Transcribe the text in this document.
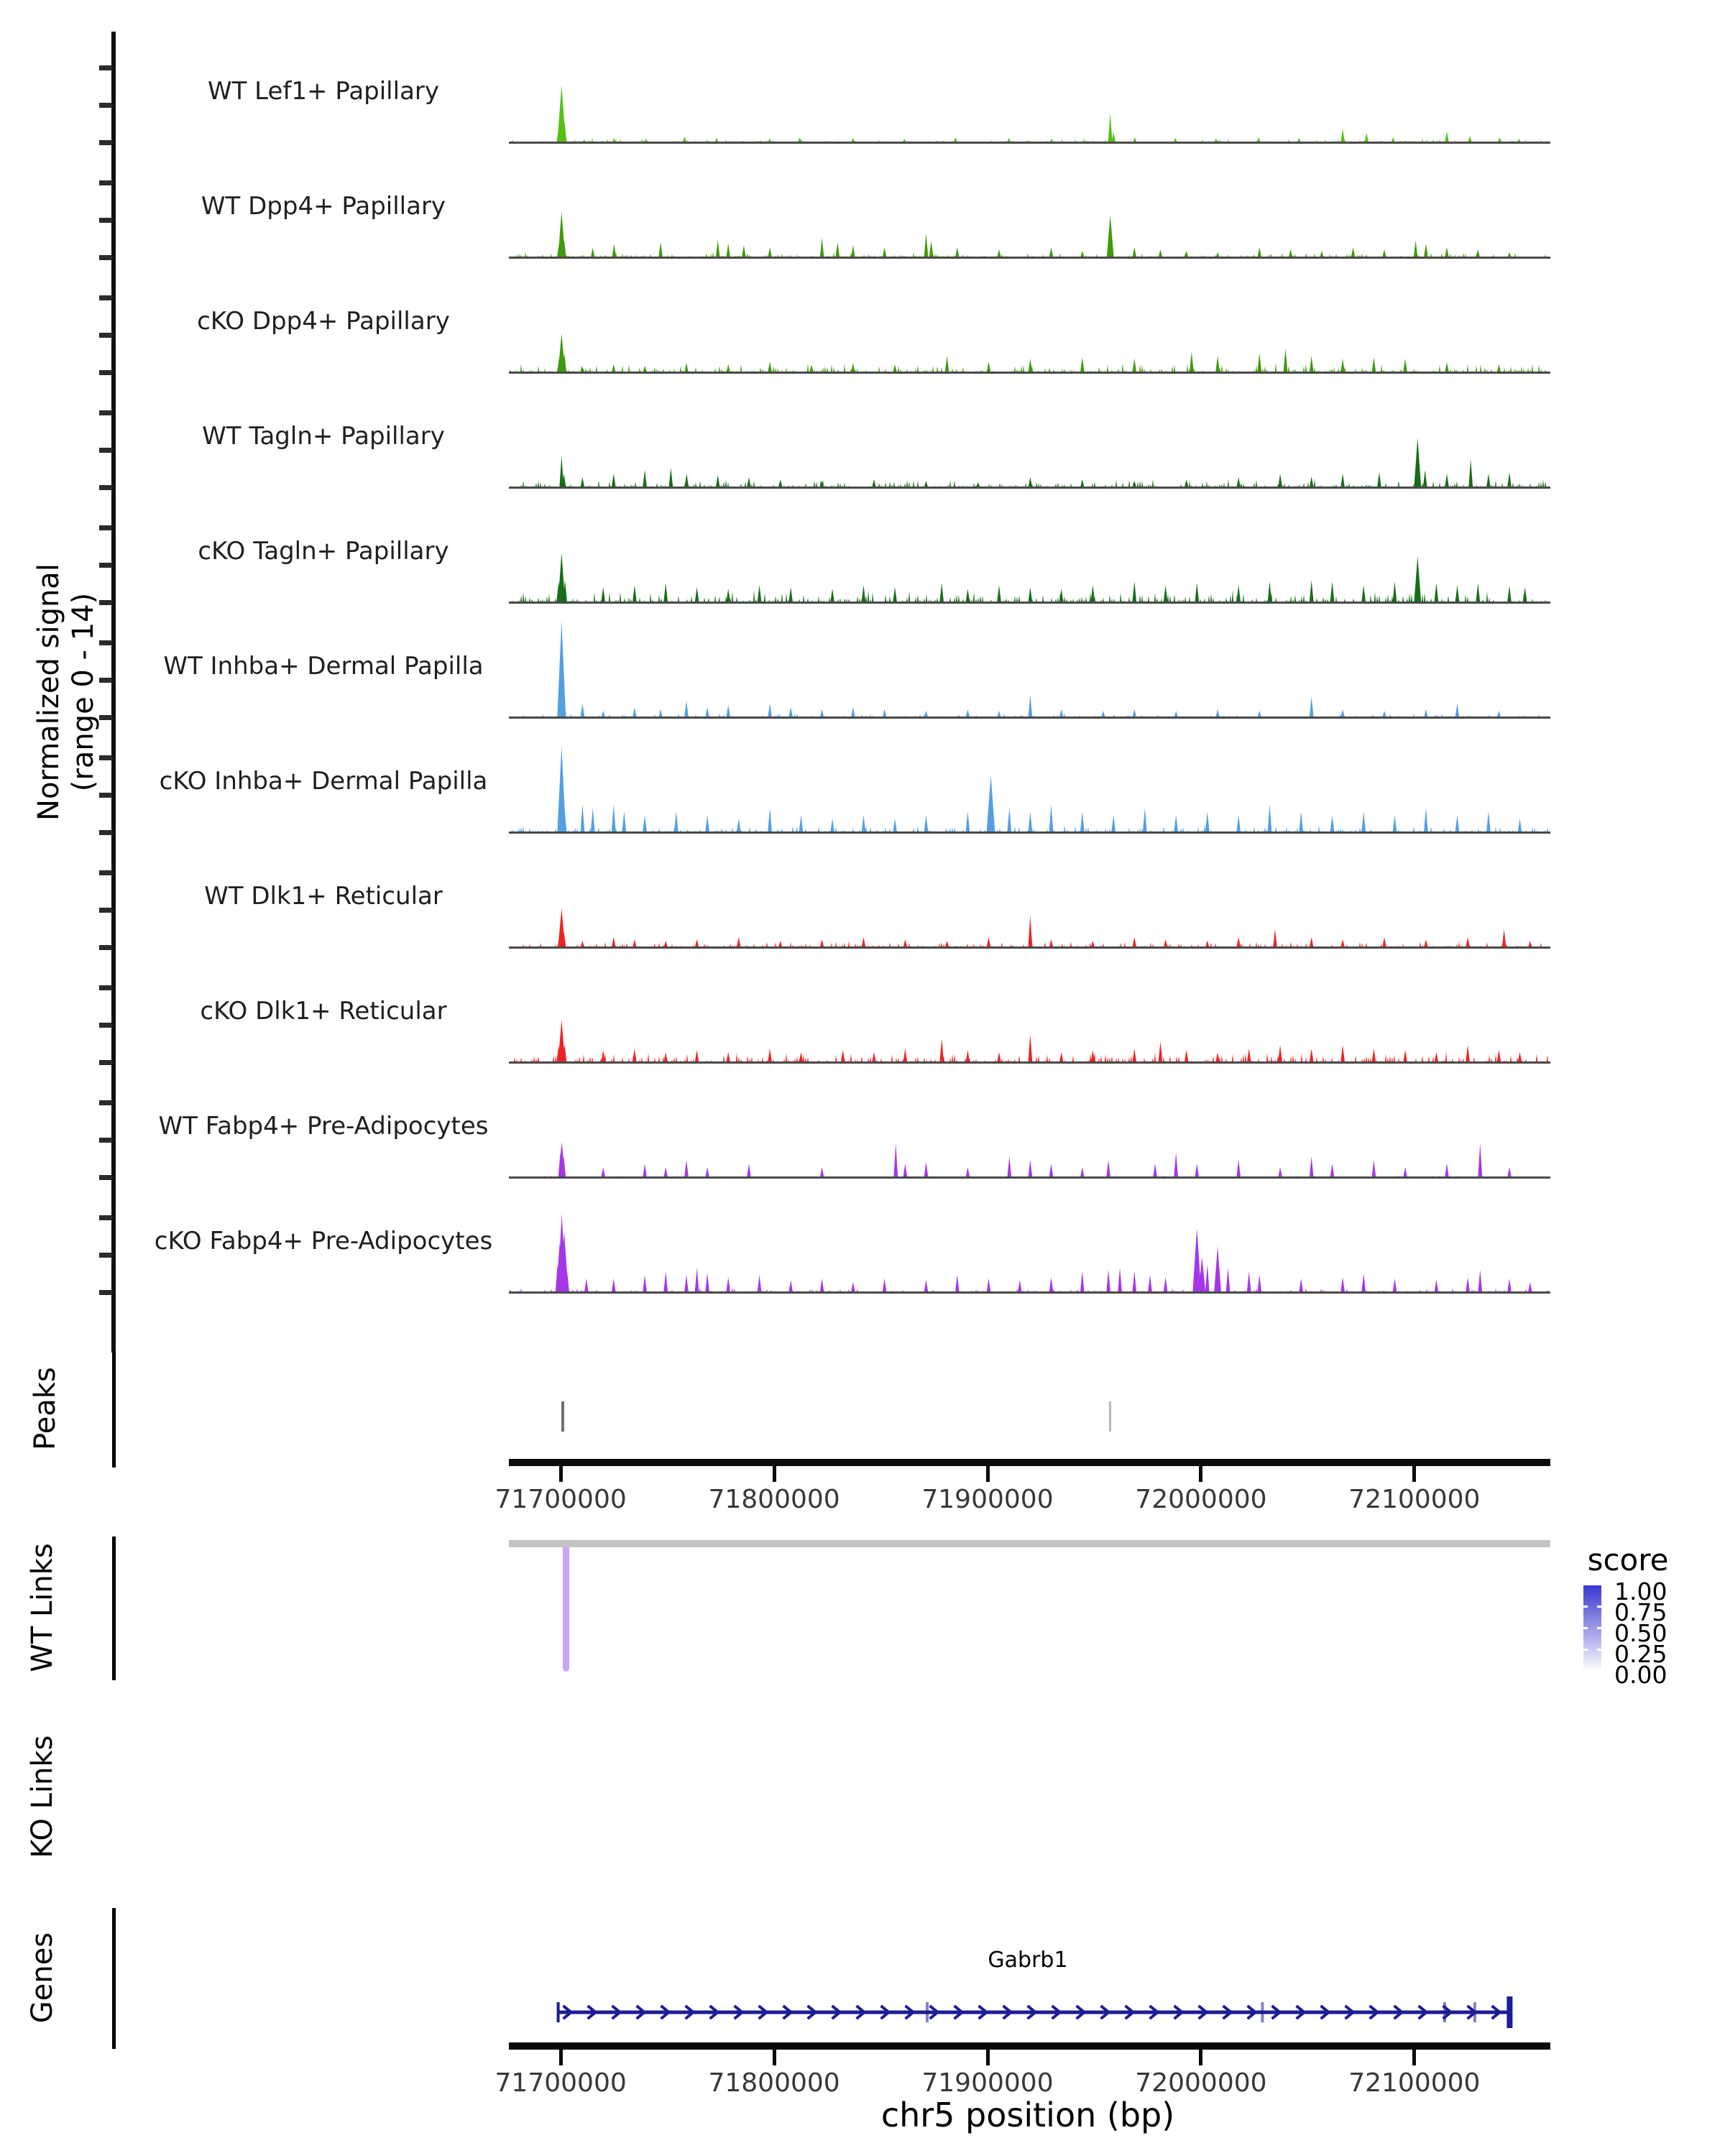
Normalized signal (range 0 - 14)
WT Lef1+ Papillary
WT Dpp4+ Papillary
cKO Dpp4+ Papillary
WT Tagln+ Papillary
cKO Tagln+ Papillary
WT Inhba+ Dermal Papilla
cKO Inhba+ Dermal Papilla
WT Dlk1+ Reticular
cKO Dlk1+ Reticular
WT Fabp4+ Pre-Adipocytes
cKO Fabp4+ Pre-Adipocytes
Peaks
71700000	71800000	71900000	72000000	72100000
WT Links	score
1.00
0.75
0.50
0.25
0.00
KO Links
Genes	Gabrb1
71700000	71800000	71900000	72000000	72100000
chr5 position (bp)
